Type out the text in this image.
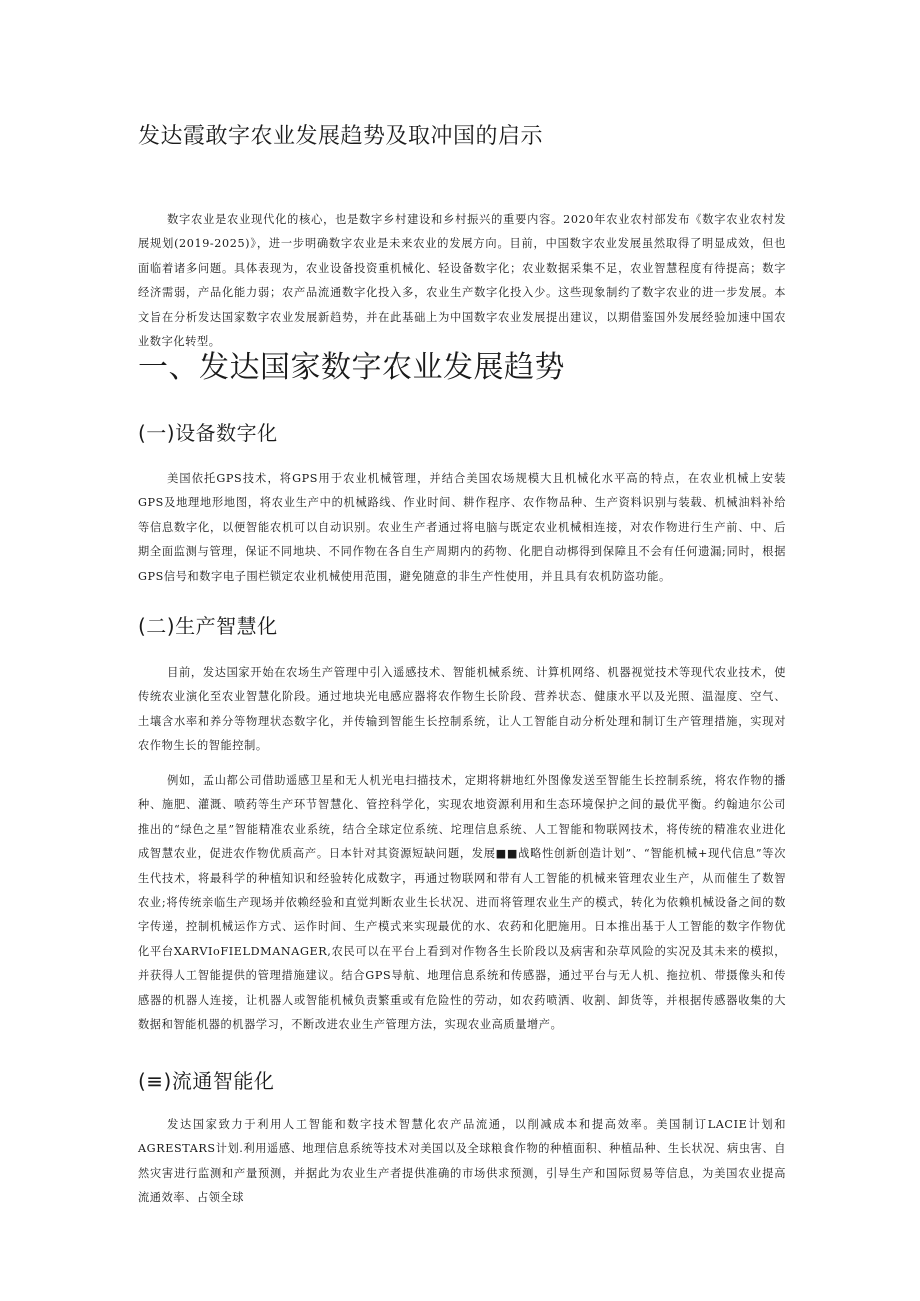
发达霞敢字农业发展趋势及取冲国的启示

数字农业是农业现代化的核心，也是数字乡村建设和乡村振兴的重要内容。2020年农业农村部发布《数字农业农村发展规划(2019-2025)》，进一步明确数字农业是未来农业的发展方向。目前，中国数字农业发展虽然取得了明显成效，但也面临着诸多问题。具体表现为，农业设备投资重机械化、轻设备数字化；农业数据采集不足，农业智慧程度有待提高；数字经济需弱，产品化能力弱；农产品流通数字化投入多，农业生产数字化投入少。这些现象制约了数字农业的进一步发展。本文旨在分析发达国家数字农业发展新趋势，并在此基础上为中国数字农业发展提出建议，以期借鉴国外发展经验加速中国农业数字化转型。

一、发达国家数字农业发展趋势
(一)设备数字化

美国依托GPS技术，将GPS用于农业机械管理，并结合美国农场规模大且机械化水平高的特点，在农业机械上安装GPS及地理地形地图，将农业生产中的机械路线、作业时间、耕作程序、农作物品种、生产资料识别与装载、机械油料补给等信息数字化，以便智能农机可以自动识别。农业生产者通过将电脑与既定农业机械相连接，对农作物进行生产前、中、后期全面监测与管理，保证不同地块、不同作物在各自生产周期内的药物、化肥自动梆得到保障且不会有任何遗漏;同时，根据GPS信号和数字电子围栏锁定农业机械使用范围，避免随意的非生产性使用，并且具有农机防盗功能。

(二)生产智慧化

目前，发达国家开始在农场生产管理中引入遥感技术、智能机械系统、计算机网络、机器视觉技术等现代农业技术，使传统农业演化至农业智慧化阶段。通过地块光电感应器将农作物生长阶段、营养状态、健康水平以及光照、温湿度、空气、土壤含水率和养分等物理状态数字化，并传输到智能生长控制系统，让人工智能自动分析处理和制订生产管理措施，实现对农作物生长的智能控制。

例如，孟山都公司借助遥感卫星和无人机光电扫描技术，定期将耕地红外图像发送至智能生长控制系统，将农作物的播种、施肥、灌溉、喷药等生产环节智慧化、管控科学化，实现农地资源利用和生态环境保护之间的最优平衡。约翰迪尔公司推出的“绿色之星”智能精准农业系统，结合全球定位系统、坨理信息系统、人工智能和物联网技术，将传统的精准农业进化成智慧农业，促进农作物优质高产。日本针对其资源短缺问题，发展■■战略性创新创造计划”、“智能机械+现代信息”等次生代技术，将最科学的种植知识和经验转化成数字，再通过物联网和带有人工智能的机械来管理农业生产，从而催生了数智农业;将传统亲临生产现场并依赖经验和直觉判断农业生长状况、进而将管理农业生产的模式，转化为依赖机械设备之间的数字传递，控制机械运作方式、运作时间、生产模式来实现最优的水、农药和化肥施用。日本推出基于人工智能的数字作物优化平台XARVIoFIELDMANAGER,农民可以在平台上看到对作物各生长阶段以及病害和杂草风险的实况及其未来的模拟，并获得人工智能提供的管理措施建议。结合GPS导航、地理信息系统和传感器，通过平台与无人机、拖拉机、带摄像头和传感器的机器人连接，让机器人或智能机械负责繁重或有危险性的劳动，如农药喷洒、收割、卸货等，并根据传感器收集的大数据和智能机器的机器学习，不断改进农业生产管理方法，实现农业高质量增产。

(≡)流通智能化

发达国家致力于利用人工智能和数字技术智慧化农产品流通，以削减成本和提高效率。美国制订LACIE计划和AGRESTARS计划.利用遥感、地理信息系统等技术对美国以及全球粮食作物的种植面积、种植品种、生长状况、病虫害、自然灾害进行监测和产量预测，并据此为农业生产者提供准确的市场供求预测，引导生产和国际贸易等信息，为美国农业提高流通效率、占领全球
